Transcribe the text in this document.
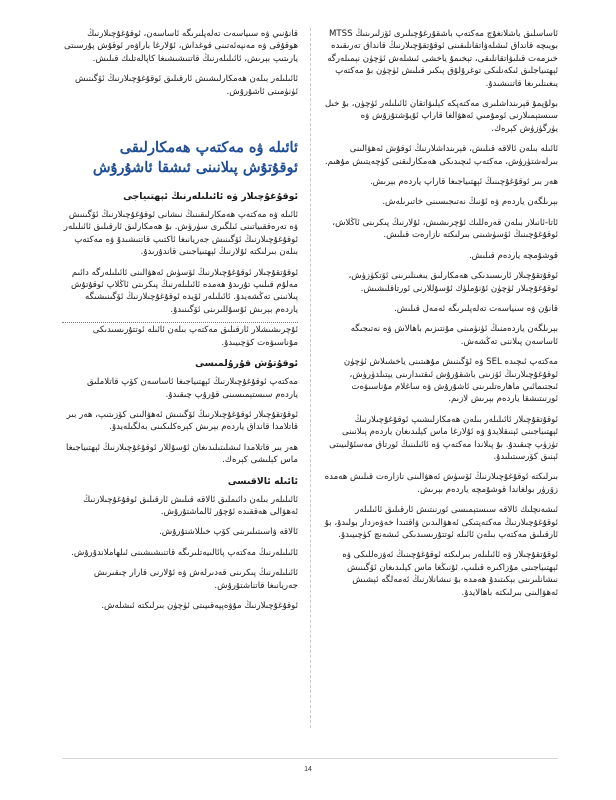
ئاساسلىق باشلانغۇچ مەكتەپ باشقۇرغۇچىلىرى ئۆزلىرىنىڭ MTSS بويىچە قانداق ئىشلەۋاتقانلىقىنى ئوقۇتقۇچىلارنىڭ قانداق تەرىقىدە خىزمەت قىلىۋاتقانلىقى، تېخىمۇ ياخشى ئىشلەش ئۈچۈن نېمىلەرگە ئېھتىياجلىق ئىكەنلىكى توغرۇلۇق پىكىر قىلىش ئۈچۈن بۇ مەكتەپ يىغىنلىرىغا قاتنىشىدۇ.

بولۇپمۇ قېرىنداشلىرى مەكتەپكە كېلىۋاتقان ئائىلىلەر ئۈچۈن، بۇ خىل سىستېمىلارنى ئومۇمىي ئەھۋالغا قاراپ ئۇيۇشتۇرۇش ۋە يۈرگۈزۈش كېرەك.

ئائىلە بىلەن ئالاقە قىلىش، قېرىنداشلارنىڭ ئوقۇش ئەھۋالىنى بىرلەشتۈرۈش، مەكتەپ ئىچىدىكى ھەمكارلىقنى كۈچەيتىش مۇھىم.

ھەر بىر ئوقۇغۇچىنىڭ ئېھتىياجىغا قاراپ ياردەم بېرىش.

بېرىلگەن ياردەم ۋە ئۇنىڭ نەتىجىسىنى خاتىرىلەش.

ئاتا-ئانىلار بىلەن قەرەللىك ئۇچرىشىش، ئۇلارنىڭ پىكرىنى ئاڭلاش، ئوقۇغۇچىنىڭ ئۆسۈشىنى بىرلىكتە نازارەت قىلىش.

قوشۇمچە ياردەم قىلىش.

ئوقۇتقۇچىلار ئارىسىدىكى ھەمكارلىق يىغىنلىرىنى ئۆتكۈزۈش، ئوقۇغۇچىلار ئۈچۈن ئۇنۇملۈك ئۇسۇللارنى ئورتاقلىشىش.

قانۇن ۋە سىياسەت تەلەپلىرىگە ئەمەل قىلىش.

بېرىلگەن ياردەمنىڭ ئۈنۈمىنى مۇنتىزىم باھالاش ۋە نەتىجىگە ئاساسەن پىلاننى تەڭشەش.

مەكتەپ ئىچىدە SEL ۋە ئۆگىنىش مۇھىتىنى ياخشىلاش ئۈچۈن ئوقۇغۇچىلارنىڭ ئۆزىنى باشقۇرۇش ئىقتىدارىنى يېتىلدۈرۈش، ئىجتىمائىي ماھارەتلىرىنى ئاشۇرۇش ۋە ساغلام مۇناسىۋەت ئورنىتىشقا ياردەم بېرىش لازىم.

ئوقۇتقۇچىلار ئائىلىلەر بىلەن ھەمكارلىشىپ ئوقۇغۇچىلارنىڭ ئېھتىياجىنى ئېنىقلايدۇ ۋە ئۇلارغا ماس كېلىدىغان ياردەم پىلانىنى تۈزۈپ چىقىدۇ. بۇ پىلاندا مەكتەپ ۋە ئائىلىنىڭ ئورتاق مەسئۇلىيىتى ئېنىق كۆرسىتىلىدۇ.

بىرلىكتە ئوقۇغۇچىلارنىڭ ئۆسۈش ئەھۋالىنى نازارەت قىلىش ھەمدە زۆرۈر بولغاندا قوشۇمچە ياردەم بېرىش.

ئىشەنچلىك ئالاقە سىستېمىسى ئورنىتىش ئارقىلىق ئائىلىلەر ئوقۇغۇچىلارنىڭ مەكتەپتىكى ئەھۋالىدىن ۋاقتىدا خەۋەردار بولىدۇ، بۇ ئارقىلىق مەكتەپ بىلەن ئائىلە ئوتتۇرىسىدىكى ئىشەنچ كۈچىيىدۇ.

ئوقۇتقۇچىلار ۋە ئائىلىلەر بىرلىكتە ئوقۇغۇچىنىڭ ئەۋزەللىكى ۋە ئېھتىياجىنى مۇزاكىرە قىلىپ، ئۇنىڭغا ماس كېلىدىغان ئۆگىنىش نىشانلىرىنى بېكىتىدۇ ھەمدە بۇ نىشانلارنىڭ ئەمەلگە ئېشىش ئەھۋالىنى بىرلىكتە باھالايدۇ.

قانۇنىي ۋە سىياسەت تەلەپلىرىگە ئاساسەن، ئوقۇغۇچىلارنىڭ ھوقۇقى ۋە مەنپەئەتىنى قوغداش، ئۇلارغا باراۋەر ئوقۇش پۇرسىتى يارىتىپ بېرىش، ئائىلىلەرنىڭ قاتنىشىشىغا كاپالەتلىك قىلىش.

ئائىلىلەر بىلەن ھەمكارلىشىش ئارقىلىق ئوقۇغۇچىلارنىڭ ئۆگىنىش ئۈنۈمىنى ئاشۇرۇش.

ئائىلە ۋە مەكتەپ ھەمكارلىقى
ئوقۇتۇش پىلانىنى ئىشقا ئاشۇرۇش
ئوقۇغۇچىلار ۋە ئائىلىلەرنىڭ ئېھتىياجى

ئائىلە ۋە مەكتەپ ھەمكارلىقىنىڭ نىشانى ئوقۇغۇچىلارنىڭ ئۆگىنىش ۋە تەرەققىياتىنى ئىلگىرى سۈرۈش. بۇ ھەمكارلىق ئارقىلىق ئائىلىلەر ئوقۇغۇچىلارنىڭ ئۆگىنىش جەريانىغا ئاكتىپ قاتنىشىدۇ ۋە مەكتەپ بىلەن بىرلىكتە ئۇلارنىڭ ئېھتىياجىنى قاندۇرىدۇ.

ئوقۇتقۇچىلار ئوقۇغۇچىلارنىڭ ئۆسۈش ئەھۋالىنى ئائىلىلەرگە دائىم مەلۇم قىلىپ تۇرىدۇ ھەمدە ئائىلىلەرنىڭ پىكرىنى ئاڭلاپ ئوقۇتۇش پىلانىنى تەڭشەيدۇ. ئائىلىلەر ئۆيدە ئوقۇغۇچىلارنىڭ ئۆگىنىشىگە ياردەم بېرىش ئۇسۇللىرىنى ئۆگىنىدۇ.

ئۇچرىشىشلار ئارقىلىق مەكتەپ بىلەن ئائىلە ئوتتۇرىسىدىكى مۇناسىۋەت كۈچىيىدۇ.

ئوقۇتۇش قۇرۇلمىسى

مەكتەپ ئوقۇغۇچىلارنىڭ ئېھتىياجىغا ئاساسەن كۆپ قاتلاملىق ياردەم سىستېمىسىنى قۇرۇپ چىقىدۇ.

ئوقۇتقۇچىلار ئوقۇغۇچىلارنىڭ ئۆگىنىش ئەھۋالىنى كۆزىتىپ، ھەر بىر قاتلامدا قانداق ياردەم بېرىش كېرەكلىكىنى بەلگىلەيدۇ.

ھەر بىر قاتلامدا ئىشلىتىلىدىغان ئۇسۇللار ئوقۇغۇچىلارنىڭ ئېھتىياجىغا ماس كېلىشى كېرەك.

ئائىلە ئالاقىسى

ئائىلىلەر بىلەن دائىملىق ئالاقە قىلىش ئارقىلىق ئوقۇغۇچىلارنىڭ ئەھۋالى ھەققىدە ئۇچۇر ئالماشتۇرۇش.

ئالاقە ۋاسىتىلىرىنى كۆپ خىللاشتۇرۇش.

ئائىلىلەرنىڭ مەكتەپ پائالىيەتلىرىگە قاتنىشىشىنى ئىلھاملاندۇرۇش.

ئائىلىلەرنىڭ پىكرىنى قەدىرلەش ۋە ئۇلارنى قارار چىقىرىش جەريانىغا قاتناشتۇرۇش.

ئوقۇغۇچىلارنىڭ مۇۋەپپەقىيىتى ئۈچۈن بىرلىكتە ئىشلەش.

14
